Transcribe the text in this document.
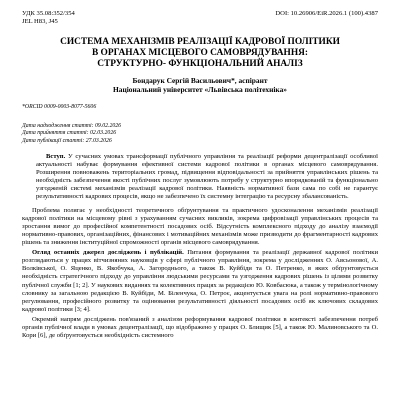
УДК 35.08:352/354
JEL H83, J45
DOI: 10.26906/EiR.2026.1 (100).4387
СИСТЕМА МЕХАНІЗМІВ РЕАЛІЗАЦІЇ КАДРОВОЇ ПОЛІТИКИ
В ОРГАНАХ МІСЦЕВОГО САМОВРЯДУВАННЯ:
СТРУКТУРНО- ФУНКЦІОНАЛЬНИЙ АНАЛІЗ
Бондарук Сергій Васильович*, аспірант
Національний університет «Львівська політехніка»
*ORCID 0009-0003-8077-5606
Дата надходження статті: 09.02.2026
Дата прийняття статті: 02.03.2026
Дата публікації статті: 27.03.2026

Вступ. У сучасних умовах трансформації публічного управління та реалізації реформи децентралізації особливої актуальності набуває формування ефективної системи кадрової політики в органах місцевого самоврядування. Розширення повноважень територіальних громад, підвищення відповідальності за прийняття управлінських рішень та необхідність забезпечення якості публічних послуг зумовлюють потребу у структурно впорядкованій та функціонально узгодженій системі механізмів реалізації кадрової політики. Наявність нормативної бази сама по собі не гарантує результативності кадрових процесів, якщо не забезпечено їх системну інтеграцію та ресурсну збалансованість.

Проблема полягає у необхідності теоретичного обґрунтування та практичного удосконалення механізмів реалізації кадрової політики на місцевому рівні з урахуванням сучасних викликів, зокрема цифровізації управлінських процесів та зростання вимог до професійної компетентності посадових осіб. Відсутність комплексного підходу до аналізу взаємодії нормативно-правових, організаційних, фінансових і мотиваційних механізмів може призводити до фрагментарності кадрових рішень та зниження інституційної спроможності органів місцевого самоврядування.

Огляд останніх джерел досліджень і публікацій. Питання формування та реалізації державної кадрової політики розглядаються у працях вітчизняних науковців у сфері публічного управління, зокрема у дослідженнях О. Авсьонової, А. Волківської, О. Яценко, В. Якобчука, А. Загороднього, а також В. Куйбіди та О. Петренко, в яких обґрунтовується необхідність стратегічного підходу до управління людськими ресурсами та узгодження кадрових рішень із цілями розвитку публічної служби [1; 2]. У наукових виданнях та колективних працях за редакцією Ю. Ковбасюка, а також у термінологічному словнику за загальною редакцією В. Куйбіди, М. Біленчука, О. Петроє, акцентується увага на ролі нормативно-правового регулювання, професійного розвитку та оцінювання результативності діяльності посадових осіб як ключових складових кадрової політики [3; 4].

Окремий напрям досліджень пов'язаний з аналізом реформування кадрової політики в контексті забезпечення потреб органів публічної влади в умовах децентралізації, що відображено у працях О. Блищик [5], а також Ю. Малиновського та О. Кори [6], де обґрунтовується необхідність системного
